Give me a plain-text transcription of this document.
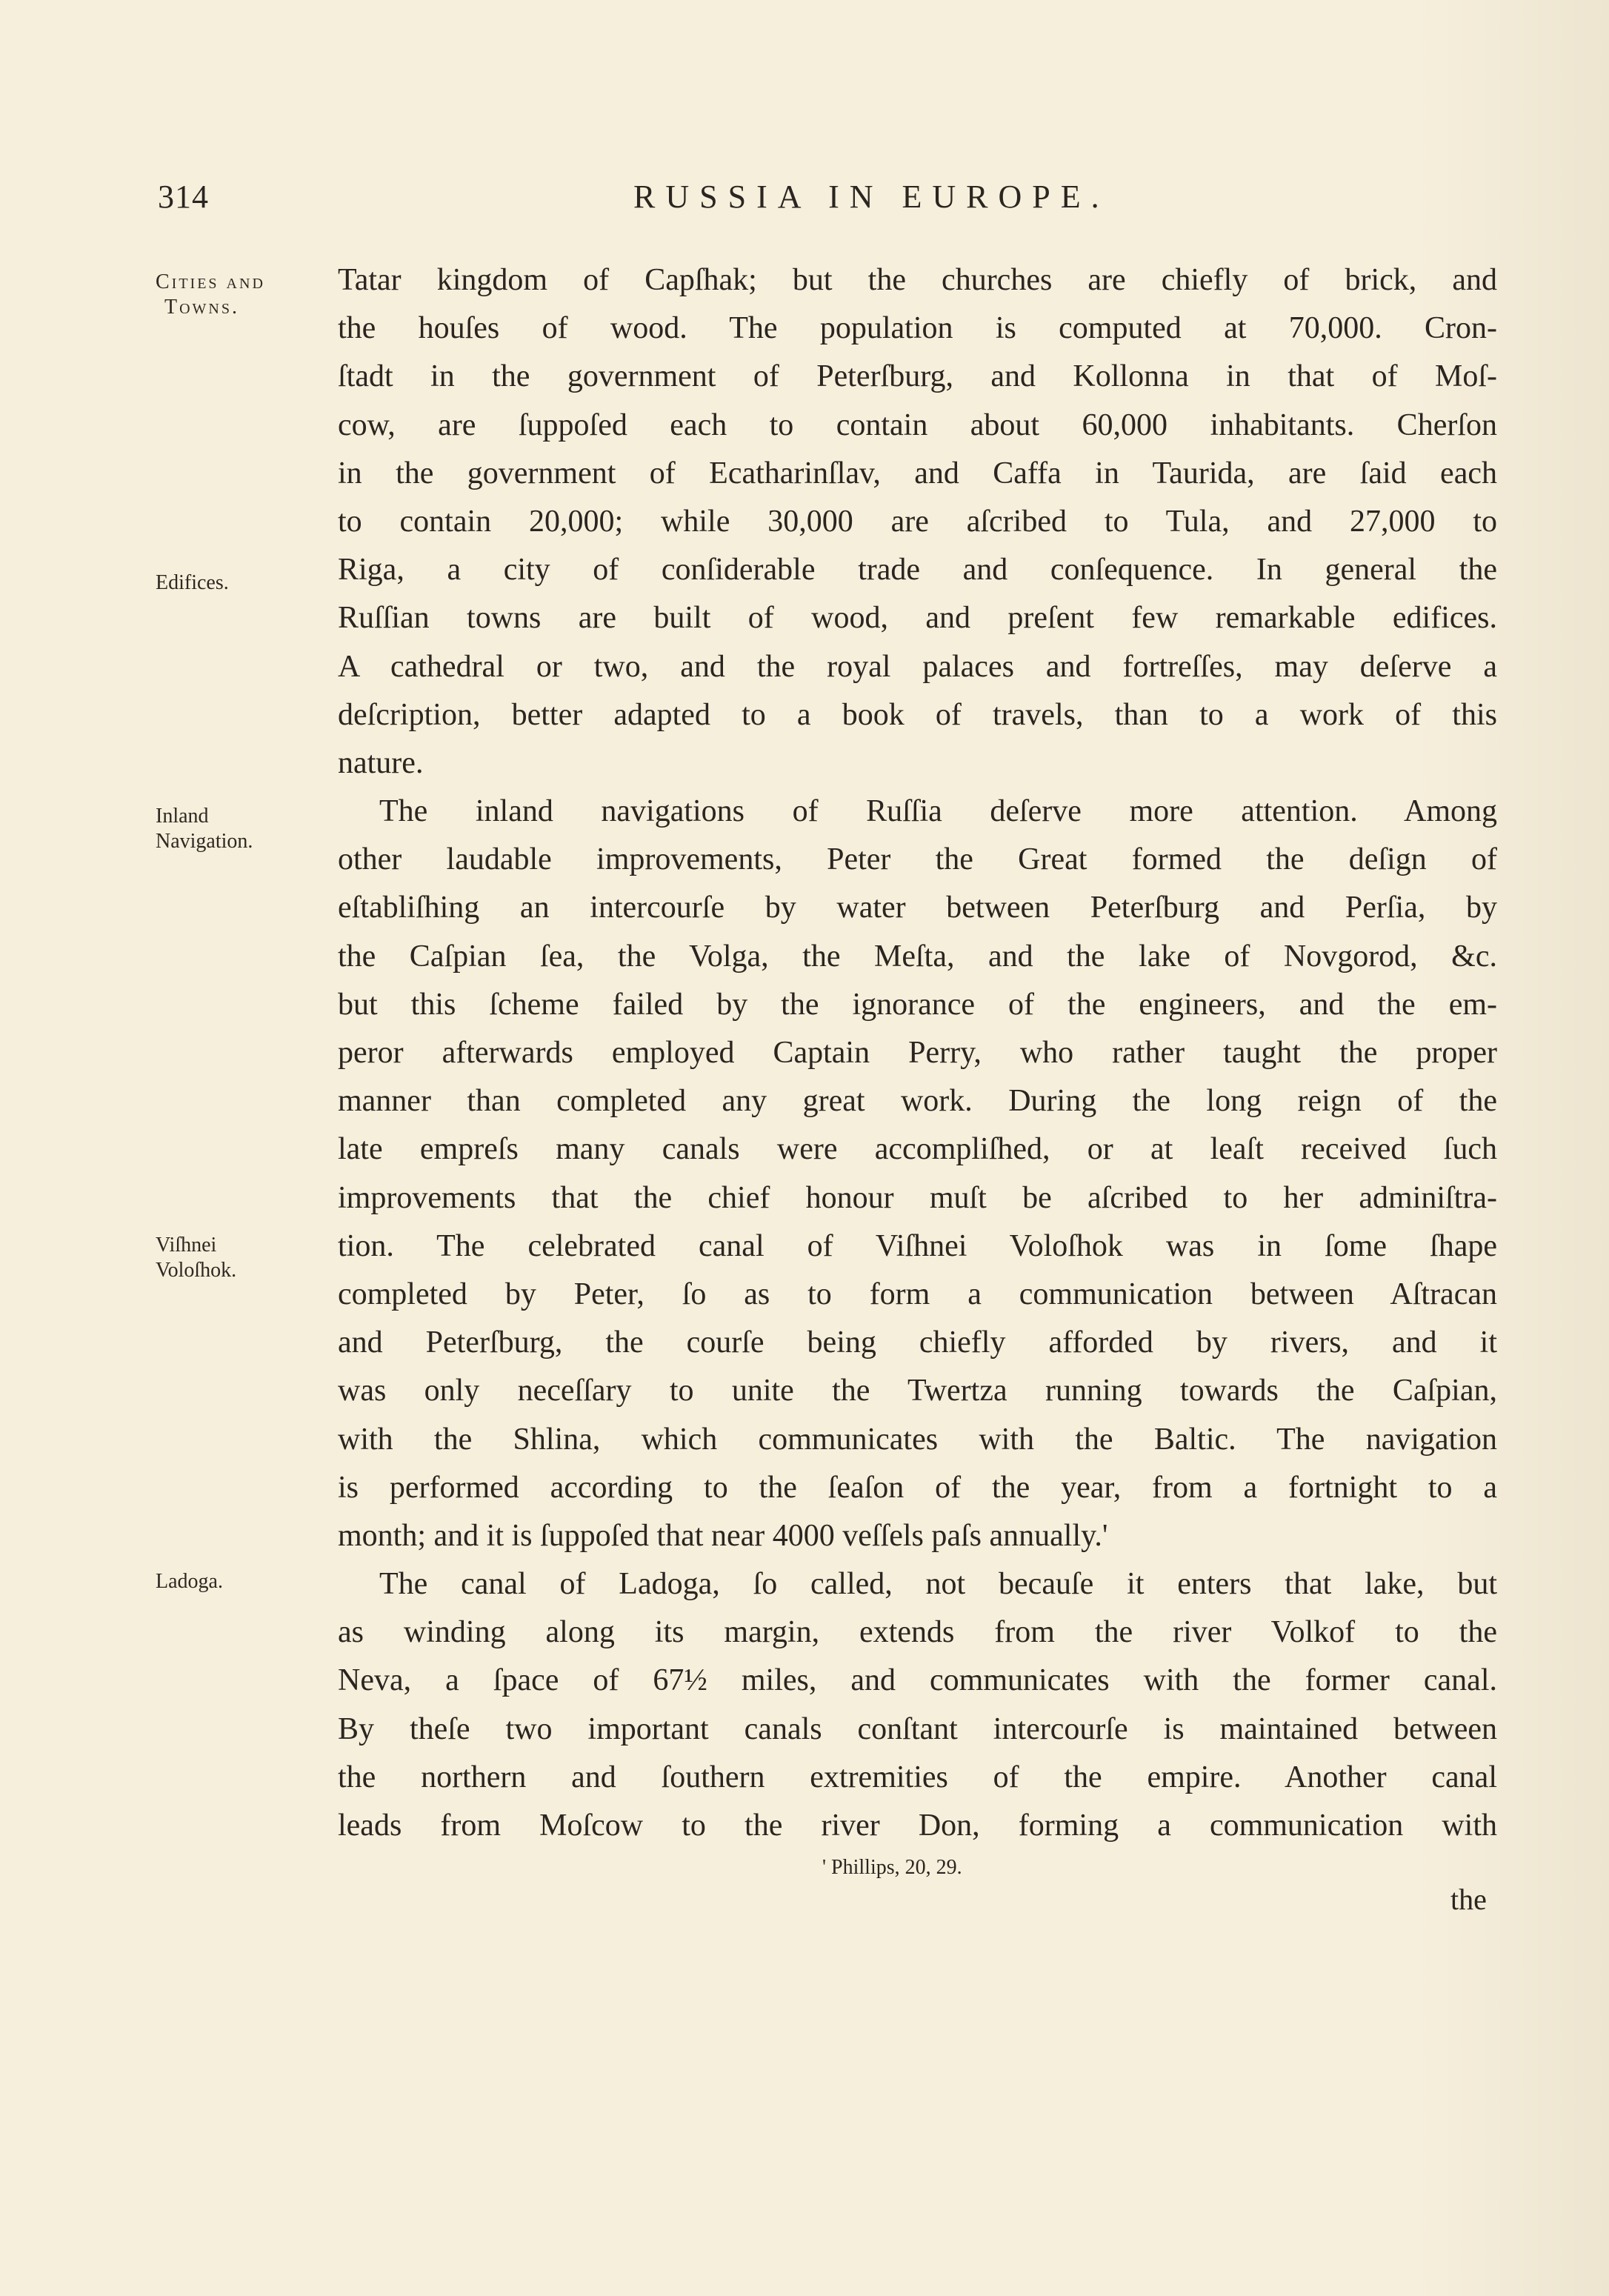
314	RUSSIA IN EUROPE.
Cities and
Towns.
Edifices.
Inland
Navigation.
Viſhnei
Voloſhok.
Ladoga.
Tatar kingdom of Capſhak; but the churches are chiefly of brick, and
the houſes of wood. The population is computed at 70,000. Cron-
ſtadt in the government of Peterſburg, and Kollonna in that of Moſ-
cow, are ſuppoſed each to contain about 60,000 inhabitants. Cherſon
in the government of Ecatharinſlav, and Caffa in Taurida, are ſaid each
to contain 20,000; while 30,000 are aſcribed to Tula, and 27,000 to
Riga, a city of conſiderable trade and conſequence. In general the
Ruſſian towns are built of wood, and preſent few remarkable edifices.
A cathedral or two, and the royal palaces and fortreſſes, may deſerve a
deſcription, better adapted to a book of travels, than to a work of this
nature.
The inland navigations of Ruſſia deſerve more attention. Among
other laudable improvements, Peter the Great formed the deſign of
eſtabliſhing an intercourſe by water between Peterſburg and Perſia, by
the Caſpian ſea, the Volga, the Meſta, and the lake of Novgorod, &c.
but this ſcheme failed by the ignorance of the engineers, and the em-
peror afterwards employed Captain Perry, who rather taught the proper
manner than completed any great work. During the long reign of the
late empreſs many canals were accompliſhed, or at leaſt received ſuch
improvements that the chief honour muſt be aſcribed to her adminiſtra-
tion. The celebrated canal of Viſhnei Voloſhok was in ſome ſhape
completed by Peter, ſo as to form a communication between Aſtracan
and Peterſburg, the courſe being chiefly afforded by rivers, and it
was only neceſſary to unite the Twertza running towards the Caſpian,
with the Shlina, which communicates with the Baltic. The navigation
is performed according to the ſeaſon of the year, from a fortnight to a
month; and it is ſuppoſed that near 4000 veſſels paſs annually.'
The canal of Ladoga, ſo called, not becauſe it enters that lake, but
as winding along its margin, extends from the river Volkof to the
Neva, a ſpace of 67½ miles, and communicates with the former canal.
By theſe two important canals conſtant intercourſe is maintained between
the northern and ſouthern extremities of the empire. Another canal
leads from Moſcow to the river Don, forming a communication with
' Phillips, 20, 29.
the
